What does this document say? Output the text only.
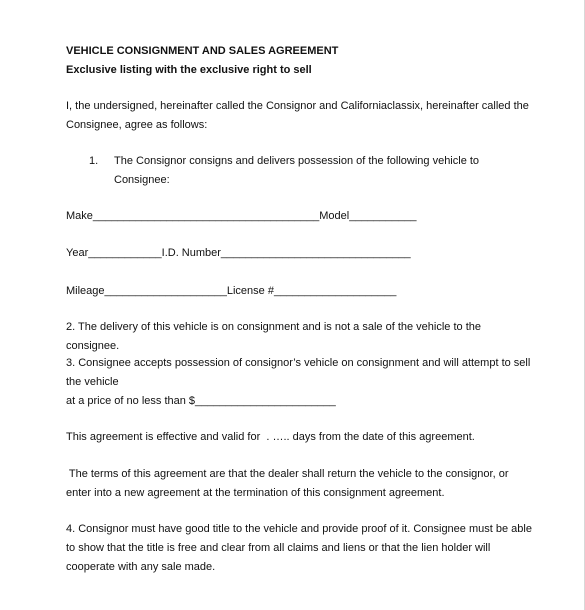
VEHICLE CONSIGNMENT AND SALES AGREEMENT
Exclusive listing with the exclusive right to sell
I, the undersigned, hereinafter called the Consignor and Californiaclassix, hereinafter called the
Consignee, agree as follows:
1. The Consignor consigns and delivers possession of the following vehicle to
Consignee:
Make_____________________________________Model___________
Year____________I.D. Number_______________________________
Mileage____________________License #____________________
2. The delivery of this vehicle is on consignment and is not a sale of the vehicle to the
consignee.
3. Consignee accepts possession of consignor’s vehicle on consignment and will attempt to sell
the vehicle
at a price of no less than $_______________________
This agreement is effective and valid for  . ….. days from the date of this agreement.
The terms of this agreement are that the dealer shall return the vehicle to the consignor, or
enter into a new agreement at the termination of this consignment agreement.
4. Consignor must have good title to the vehicle and provide proof of it. Consignee must be able
to show that the title is free and clear from all claims and liens or that the lien holder will
cooperate with any sale made.
